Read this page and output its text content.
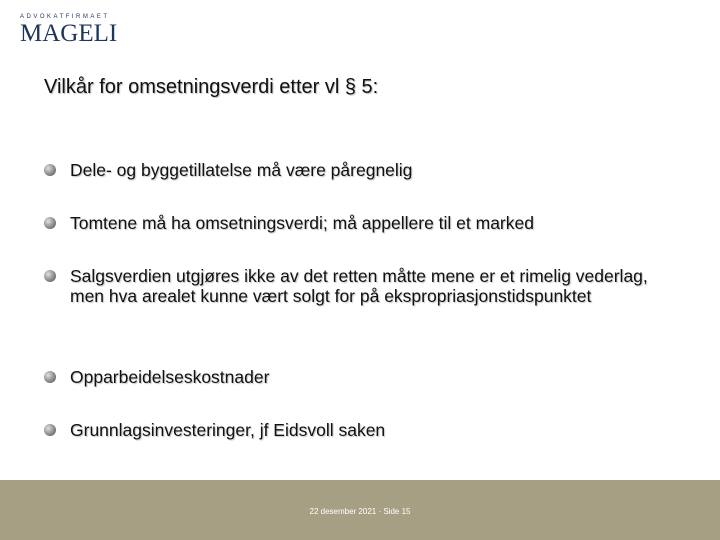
ADVOKATFIRMAET
MAGELI
Vilkår for omsetningsverdi etter vl § 5:
Dele- og byggetillatelse må være påregnelig
Tomtene må ha omsetningsverdi; må appellere til et marked
Salgsverdien utgjøres ikke av det retten måtte mene er et rimelig vederlag, men hva arealet kunne vært solgt for på ekspropriasjonstidspunktet
Opparbeidelseskostnader
Grunnlagsinvesteringer, jf Eidsvoll saken
22 desember 2021 · Side 15
